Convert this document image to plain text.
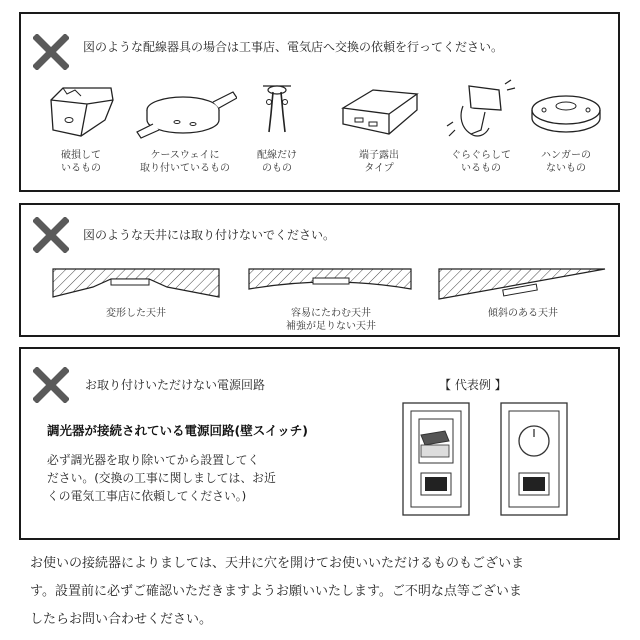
図のような配線器具の場合は工事店、電気店へ交換の依頼を行ってください。
破損して
いるもの
ケースウェイに
取り付いているもの
配線だけ
のもの
端子露出
タイプ
ぐらぐらして
いるもの
ハンガーの
ないもの
図のような天井には取り付けないでください。
変形した天井	容易にたわむ天井
補強が足りない天井
傾斜のある天井
お取り付けいただけない電源回路
調光器が接続されている電源回路(壁スイッチ)
必ず調光器を取り除いてから設置してく
ださい。(交換の工事に関しましては、お近
くの電気工事店に依頼してください。)
【 代表例 】
お使いの接続器によりましては、天井に穴を開けてお使いいただけるものもございま
す。設置前に必ずご確認いただきますようお願いいたします。ご不明な点等ございま
したらお問い合わせください。
